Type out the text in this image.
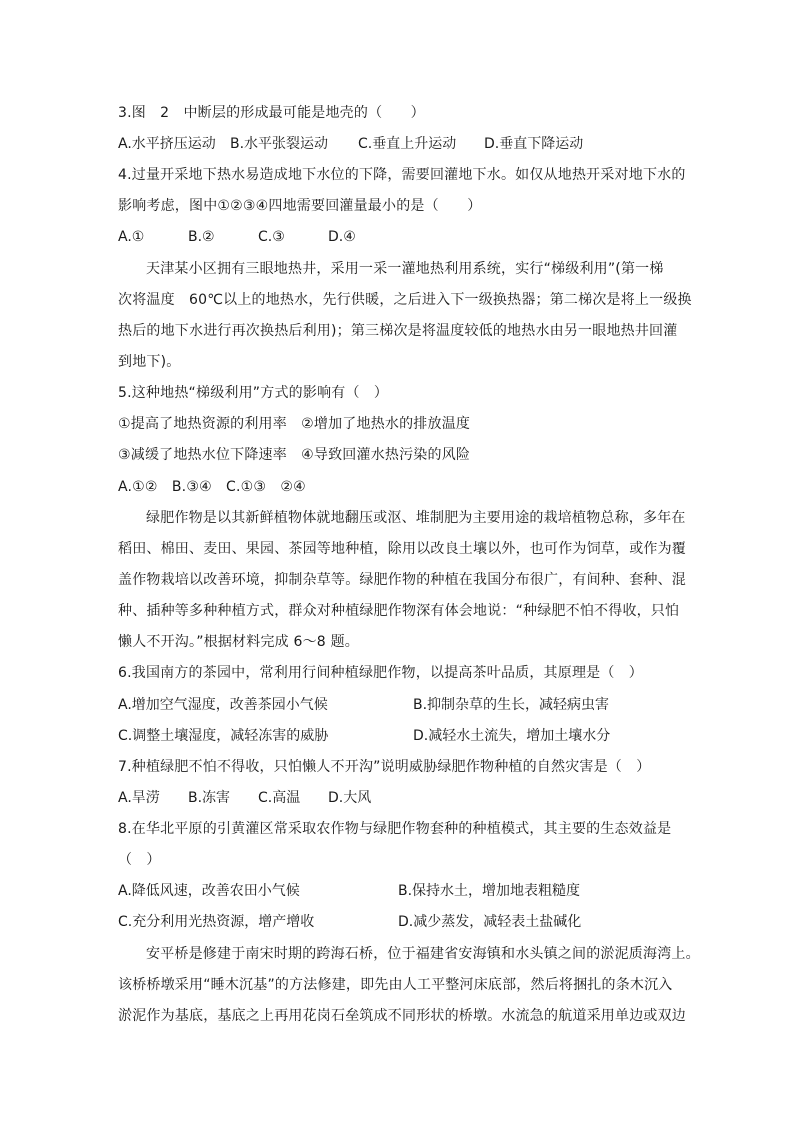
3.图　2　中断层的形成最可能是地壳的（　　）
A.水平挤压运动 B.水平张裂运动 C.垂直上升运动 D.垂直下降运动
4.过量开采地下热水易造成地下水位的下降，需要回灌地下水。如仅从地热开采对地下水的
影响考虑，图中①②③④四地需要回灌量最小的是（　　）
A.①	B.②	C.③	D.④
天津某小区拥有三眼地热井，采用一采一灌地热利用系统，实行“梯级利用”(第一梯
次将温度　60℃以上的地热水，先行供暖，之后进入下一级换热器；第二梯次是将上一级换
热后的地下水进行再次换热后利用)；第三梯次是将温度较低的地热水由另一眼地热井回灌
到地下)。
5.这种地热“梯级利用”方式的影响有（　）
①提高了地热资源的利用率　②增加了地热水的排放温度
③减缓了地热水位下降速率　④导致回灌水热污染的风险
A.①②　B.③④　C.①③　②④
绿肥作物是以其新鲜植物体就地翻压或沤、堆制肥为主要用途的栽培植物总称，多年在
稻田、棉田、麦田、果园、茶园等地种植，除用以改良土壤以外，也可作为饲草，或作为覆
盖作物栽培以改善环境，抑制杂草等。绿肥作物的种植在我国分布很广，有间种、套种、混
种、插种等多种种植方式，群众对种植绿肥作物深有体会地说：“种绿肥不怕不得收，只怕
懒人不开沟。”根据材料完成 6～8 题。
6.我国南方的茶园中，常利用行间种植绿肥作物，以提高茶叶品质，其原理是（　）
A.增加空气湿度，改善茶园小气候	B.抑制杂草的生长，减轻病虫害
C.调整土壤湿度，减轻冻害的威胁	D.减轻水土流失，增加土壤水分
7.种植绿肥不怕不得收，只怕懒人不开沟”说明威胁绿肥作物种植的自然灾害是（　）
A.旱涝 B.冻害 C.高温 D.大风
8.在华北平原的引黄灌区常采取农作物与绿肥作物套种的种植模式，其主要的生态效益是
（　）
A.降低风速，改善农田小气候	B.保持水土，增加地表粗糙度
C.充分利用光热资源，增产增收	D.减少蒸发，减轻表土盐碱化
安平桥是修建于南宋时期的跨海石桥，位于福建省安海镇和水头镇之间的淤泥质海湾上。
该桥桥墩采用“睡木沉基”的方法修建，即先由人工平整河床底部，然后将捆扎的条木沉入
淤泥作为基底，基底之上再用花岗石垒筑成不同形状的桥墩。水流急的航道采用单边或双边
